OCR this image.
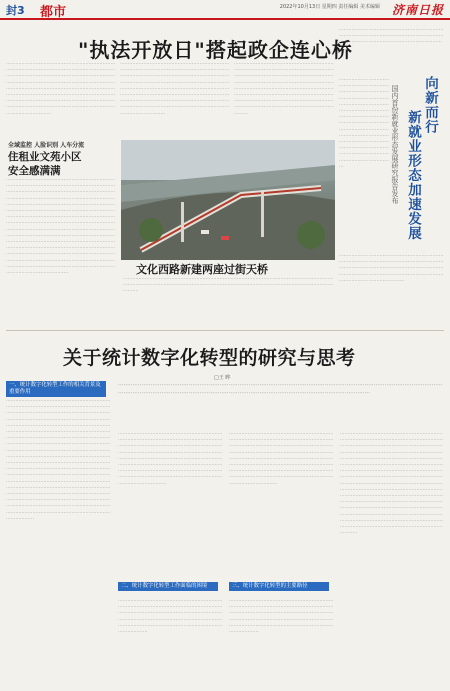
封3 都市	2022年10月13日 星期四 责任编辑 美术编辑 济南日报
"执法开放日"搭起政企连心桥
·············································································································································································································································································································································································································································································································································································································
·············································································································································································································································································································································································································································································································································································································
·········································································································································································································································································································································································································································································································································
全域监控 人脸识别 人车分流
住租业文苑小区
安全感满满
··································································································································································································································································································································································································································································································································································································································································································································································································································································································································································································································································································································	文化西路新建两座过街天桥
························································································································································································································································································
········································································································································································································
向新而行
新就业形态加速发展
国内首份新就业形态发展研究报告发布
···································································································································································································································································································································································································································································
······················································································································································································································································································································
关于统计数字化转型的研究与思考
□王 晔
······························································································································································································································································································································
一、统计数字化转型工作的相关背景及重要作用
···········································································································································································································································································································································································································································································································································································································································································································································································································································································································································································································································································································································································································································································································································
·······················································································································································································································································································································································································································································································································································································
二、统计数字化转型工作面临的困境
··································································································································································································································································································································································
·······················································································································································································································································································································································································································································································································································································
三、统计数字化转型的主要路径
··································································································································································································································································································································································
···········································································································································································································································································································································································································································································································································································································································································································································································································································································································································································································································································································
